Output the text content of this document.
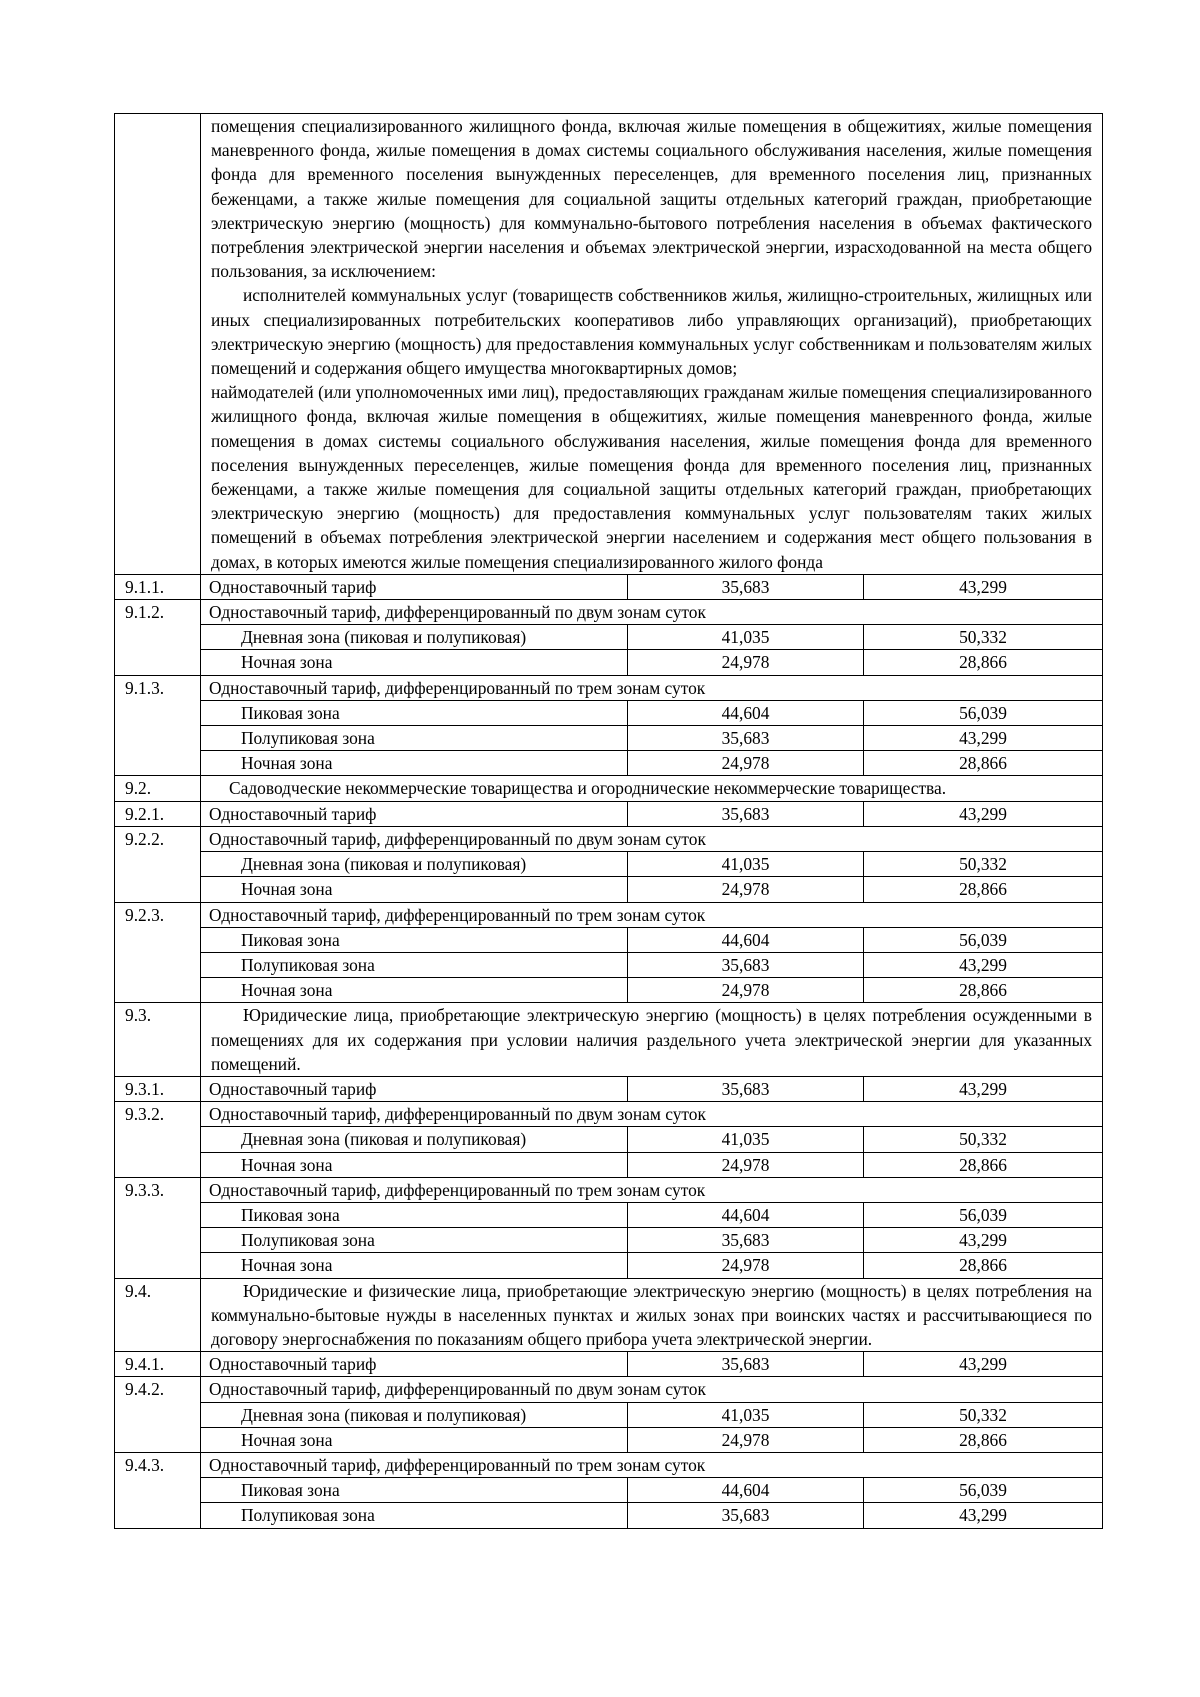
	помещения специализированного жилищного фонда, включая жилые помещения в общежитиях, жилые помещения маневренного фонда, жилые помещения в домах системы социального обслуживания населения, жилые помещения фонда для временного поселения вынужденных переселенцев, для временного поселения лиц, признанных беженцами, а также жилые помещения для социальной защиты отдельных категорий граждан, приобретающие электрическую энергию (мощность) для коммунально-бытового потребления населения в объемах фактического потребления электрической энергии населения и объемах электрической энергии, израсходованной на места общего пользования, за исключением:
исполнителей коммунальных услуг (товариществ собственников жилья, жилищно-строительных, жилищных или иных специализированных потребительских кооперативов либо управляющих организаций), приобретающих электрическую энергию (мощность) для предоставления коммунальных услуг собственникам и пользователям жилых помещений и содержания общего имущества многоквартирных домов;
наймодателей (или уполномоченных ими лиц), предоставляющих гражданам жилые помещения специализированного жилищного фонда, включая жилые помещения в общежитиях, жилые помещения маневренного фонда, жилые помещения в домах системы социального обслуживания населения, жилые помещения фонда для временного поселения вынужденных переселенцев, жилые помещения фонда для временного поселения лиц, признанных беженцами, а также жилые помещения для социальной защиты отдельных категорий граждан, приобретающих электрическую энергию (мощность) для предоставления коммунальных услуг пользователям таких жилых помещений в объемах потребления электрической энергии населением и содержания мест общего пользования в домах, в которых имеются жилые помещения специализированного жилого фонда		

9.1.1.	Одноставочный тариф	35,683	43,299
9.1.2.	Одноставочный тариф, дифференцированный по двум зонам суток		
	Дневная зона (пиковая и полупиковая)	41,035	50,332
	Ночная зона	24,978	28,866
9.1.3.	Одноставочный тариф, дифференцированный по трем зонам суток		
	Пиковая зона	44,604	56,039
	Полупиковая зона	35,683	43,299
	Ночная зона	24,978	28,866
9.2.	Садоводческие некоммерческие товарищества и огороднические некоммерческие товарищества.		
9.2.1.	Одноставочный тариф	35,683	43,299
9.2.2.	Одноставочный тариф, дифференцированный по двум зонам суток		
	Дневная зона (пиковая и полупиковая)	41,035	50,332
	Ночная зона	24,978	28,866
9.2.3.	Одноставочный тариф, дифференцированный по трем зонам суток		
	Пиковая зона	44,604	56,039
	Полупиковая зона	35,683	43,299
	Ночная зона	24,978	28,866
9.3.	Юридические лица, приобретающие электрическую энергию (мощность) в целях потребления осужденными в помещениях для их содержания при условии наличия раздельного учета электрической энергии для указанных помещений.		
9.3.1.	Одноставочный тариф	35,683	43,299
9.3.2.	Одноставочный тариф, дифференцированный по двум зонам суток		
	Дневная зона (пиковая и полупиковая)	41,035	50,332
	Ночная зона	24,978	28,866
9.3.3.	Одноставочный тариф, дифференцированный по трем зонам суток		
	Пиковая зона	44,604	56,039
	Полупиковая зона	35,683	43,299
	Ночная зона	24,978	28,866
9.4.	Юридические и физические лица, приобретающие электрическую энергию (мощность) в целях потребления на коммунально-бытовые нужды в населенных пунктах и жилых зонах при воинских частях и рассчитывающиеся по договору энергоснабжения по показаниям общего прибора учета электрической энергии.		
9.4.1.	Одноставочный тариф	35,683	43,299
9.4.2.	Одноставочный тариф, дифференцированный по двум зонам суток		
	Дневная зона (пиковая и полупиковая)	41,035	50,332
	Ночная зона	24,978	28,866
9.4.3.	Одноставочный тариф, дифференцированный по трем зонам суток		
	Пиковая зона	44,604	56,039
	Полупиковая зона	35,683	43,299
